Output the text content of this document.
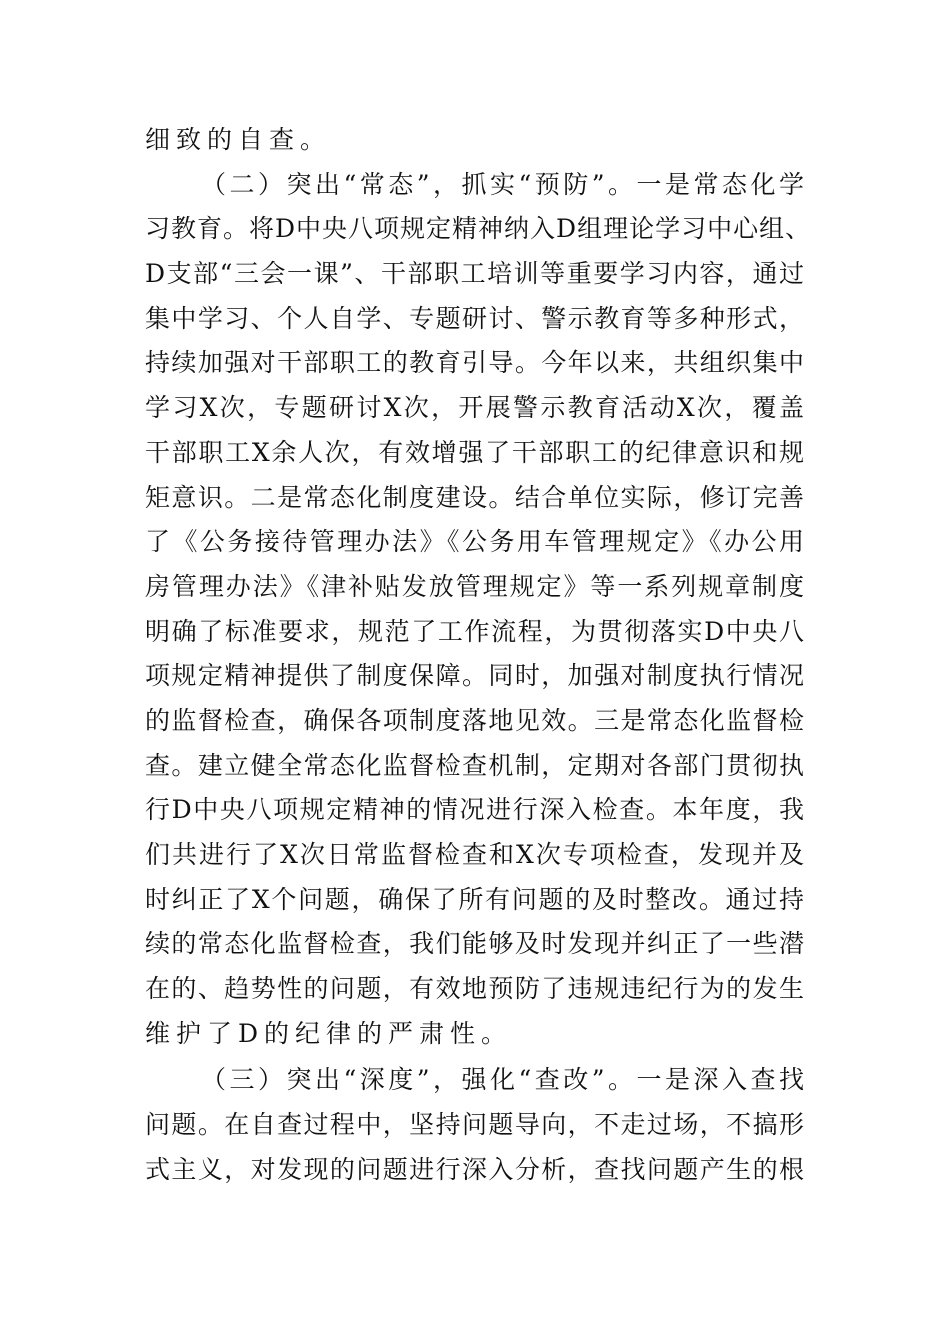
细致的自查。
（二）突出“常态”，抓实“预防”。一是常态化学
习教育。将D中央八项规定精神纳入D组理论学习中心组、
D支部“三会一课”、干部职工培训等重要学习内容，通过
集中学习、个人自学、专题研讨、警示教育等多种形式，
持续加强对干部职工的教育引导。今年以来，共组织集中
学习X次，专题研讨X次，开展警示教育活动X次，覆盖
干部职工X余人次，有效增强了干部职工的纪律意识和规
矩意识。二是常态化制度建设。结合单位实际，修订完善
了《公务接待管理办法》《公务用车管理规定》《办公用
房管理办法》《津补贴发放管理规定》等一系列规章制度
明确了标准要求，规范了工作流程，为贯彻落实D中央八
项规定精神提供了制度保障。同时，加强对制度执行情况
的监督检查，确保各项制度落地见效。三是常态化监督检
查。建立健全常态化监督检查机制，定期对各部门贯彻执
行D中央八项规定精神的情况进行深入检查。本年度，我
们共进行了X次日常监督检查和X次专项检查，发现并及
时纠正了X个问题，确保了所有问题的及时整改。通过持
续的常态化监督检查，我们能够及时发现并纠正了一些潜
在的、趋势性的问题，有效地预防了违规违纪行为的发生
维护了D的纪律的严肃性。
（三）突出“深度”，强化“查改”。一是深入查找
问题。在自查过程中，坚持问题导向，不走过场，不搞形
式主义，对发现的问题进行深入分析，查找问题产生的根
